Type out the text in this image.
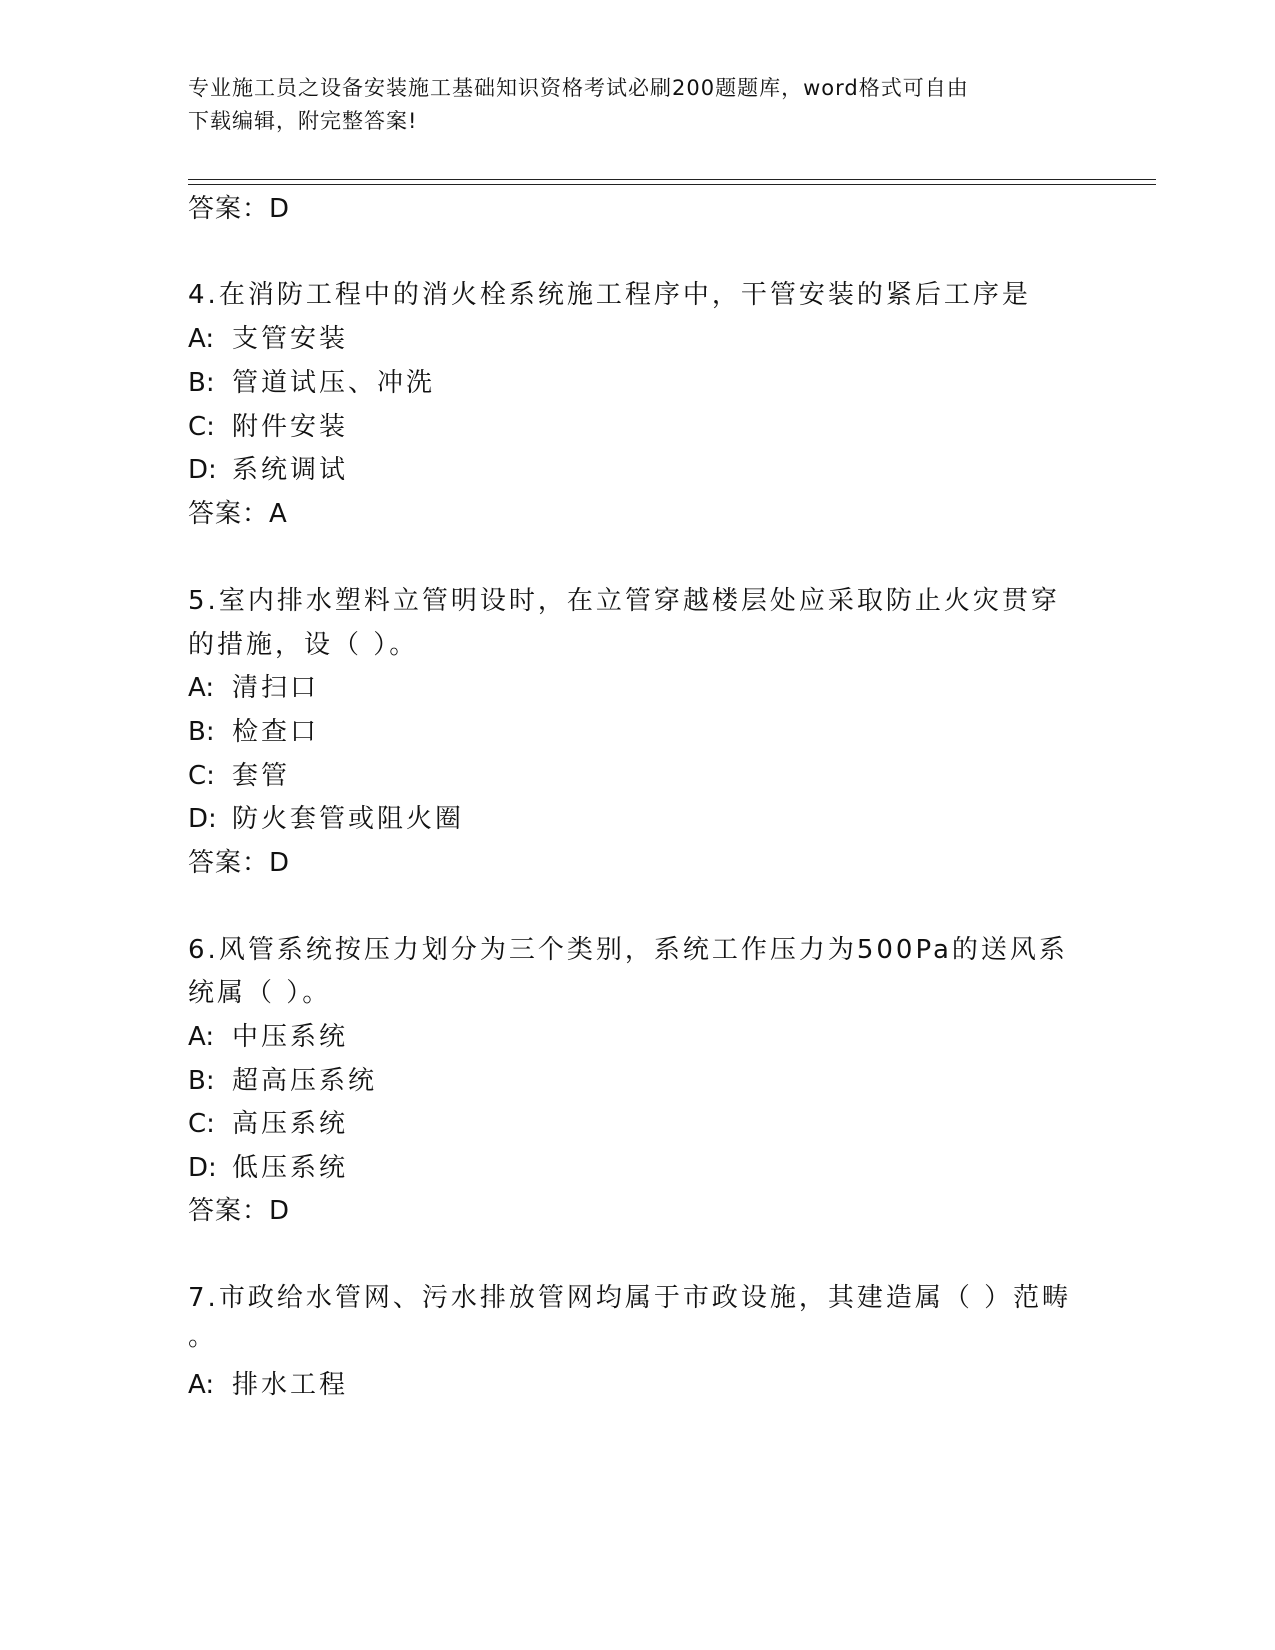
专业施工员之设备安装施工基础知识资格考试必刷200题题库，word格式可自由
下载编辑，附完整答案!
答案：D
4.在消防工程中的消火栓系统施工程序中，干管安装的紧后工序是
A: 支管安装
B: 管道试压、冲洗
C: 附件安装
D: 系统调试
答案：A
5.室内排水塑料立管明设时，在立管穿越楼层处应采取防止火灾贯穿
的措施，设（ ）。
A: 清扫口
B: 检查口
C: 套管
D: 防火套管或阻火圈
答案：D
6.风管系统按压力划分为三个类别，系统工作压力为500Pa的送风系
统属（ ）。
A: 中压系统
B: 超高压系统
C: 高压系统
D: 低压系统
答案：D
7.市政给水管网、污水排放管网均属于市政设施，其建造属（ ）范畴
。
A: 排水工程
